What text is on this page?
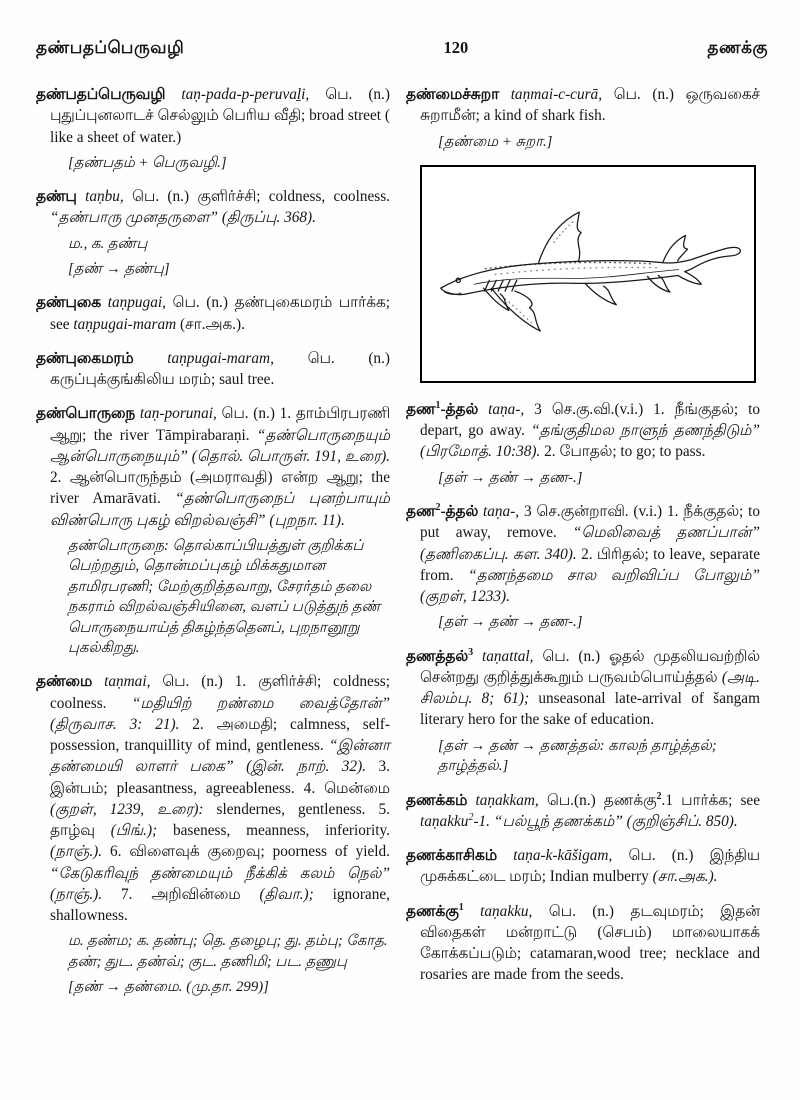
தண்பதப்பெருவழி	120	தணக்கு

தண்பதப்பெருவழி taṇ-pada-p-peruvaḻi, பெ. (n.) புதுப்புனலாடச் செல்லும் பெரிய வீதி; broad street ( like a sheet of water.)

[தண்பதம் + பெருவழி.]

தண்பு taṇbu, பெ. (n.) குளிர்ச்சி; coldness, coolness. “தண்பாரு முனதருளை” (திருப்பு. 368).

ம., க. தண்பு

[தண் → தண்பு]

தண்புகை taṇpugai, பெ. (n.) தண்புகைமரம் பார்க்க; see taṇpugai-maram (சா.அக.).

தண்புகைமரம் taṇpugai-maram, பெ. (n.) கருப்புக்குங்கிலிய மரம்; saul tree.

தண்பொருநை taṇ-porunai, பெ. (n.) 1. தாம்பிரபரணி ஆறு; the river Tāmpirabaraṇi. “தண்பொருநையும் ஆன்பொருநையும்” (தொல். பொருள். 191, உரை). 2. ஆன்பொருந்தம் (அமராவதி) என்ற ஆறு; the river Amarāvati. “தண்பொருநைப் புனற்பாயும் விண்பொரு புகழ் விறல்வஞ்சி” (புறநா. 11).

தண்பொருநை: தொல்காப்பியத்துள் குறிக்கப் பெற்றதும், தொன்மப்புகழ் மிக்கதுமான தாமிரபரணி; மேற்குறித்தவாறு, சேரர்தம் தலை நகராம் விறல்வஞ்சியினை, வளப் படுத்துந் தண் பொருநையாய்த் திகழ்ந்ததெனப், புறநானூறு புகல்கிறது.

தண்மை taṇmai, பெ. (n.) 1. குளிர்ச்சி; coldness; coolness. “மதியிற் றண்மை வைத்தோன்” (திருவாச. 3: 21). 2. அமைதி; calmness, self-possession, tranquillity of mind, gentleness. “இன்னா தண்மையி லாளர் பகை” (இன். நாற். 32). 3. இன்பம்; pleasantness, agreeableness. 4. மென்மை (குறள், 1239, உரை): slendernes, gentleness. 5. தாழ்வு (பிங்.); baseness, meanness, inferiority. (நாஞ்.). 6. விளைவுக் குறைவு; poorness of yield. “கேடுகரிவுந் தண்மையும் நீக்கிக் கலம் நெல்” (நாஞ்.). 7. அறிவின்மை (திவா.); ignorane, shallowness.

ம. தண்ம; க. தண்பு; தெ. தழைபு; து. தம்பு; கோத. தண்; துட. தண்வ்; குட. தணிமி; பட. தணுபு

[தண் → தண்மை. (மு.தா. 299)]

தண்மைச்சுறா taṇmai-c-curā, பெ. (n.) ஒருவகைச் சுறாமீன்; a kind of shark fish.

[தண்மை + சுறா.]

தண$^1$-த்தல் taṇa-, 3 செ.கு.வி.(v.i.) 1. நீங்குதல்; to depart, go away. “தங்குதிமல நாளுந் தணந்திடும்” (பிரமோத். 10:38). 2. போதல்; to go; to pass.

[தள் → தண் → தண-.]

தண$^2$-த்தல் taṇa-, 3 செ.குன்றாவி. (v.i.) 1. நீக்குதல்; to put away, remove. “மெலிவைத் தணப்பான்” (தணிகைப்பு. கள. 340). 2. பிரிதல்; to leave, separate from. “தணந்தமை சால வறிவிப்ப போலும்” (குறள், 1233).

[தள் → தண் → தண-.]

தணத்தல்$^3$ taṇattal, பெ. (n.) ஓதல் முதலியவற்றில் சென்றது குறித்துக்கூறும் பருவம்பொய்த்தல் (அடி. சிலம்பு. 8; 61); unseasonal late-arrival of šangam literary hero for the sake of education.

[தள் → தண் → தணத்தல்: காலந் தாழ்த்தல்; தாழ்த்தல்.]

தணக்கம் taṇakkam, பெ.(n.) தணக்கு$^2$.1 பார்க்க; see taṇakku$^2$-1. “பல்பூந் தணக்கம்” (குறிஞ்சிப். 850).

தணக்காசிகம் taṇa-k-kāšigam, பெ. (n.) இந்திய முசுக்கட்டை மரம்; Indian mulberry (சா.அக.).

தணக்கு$^1$ taṇakku, பெ. (n.) தடவுமரம்; இதன் விதைகள் மன்றாட்டு (செபம்) மாலையாகக் கோக்கப்படும்; catamaran,wood tree; necklace and rosaries are made from the seeds.
